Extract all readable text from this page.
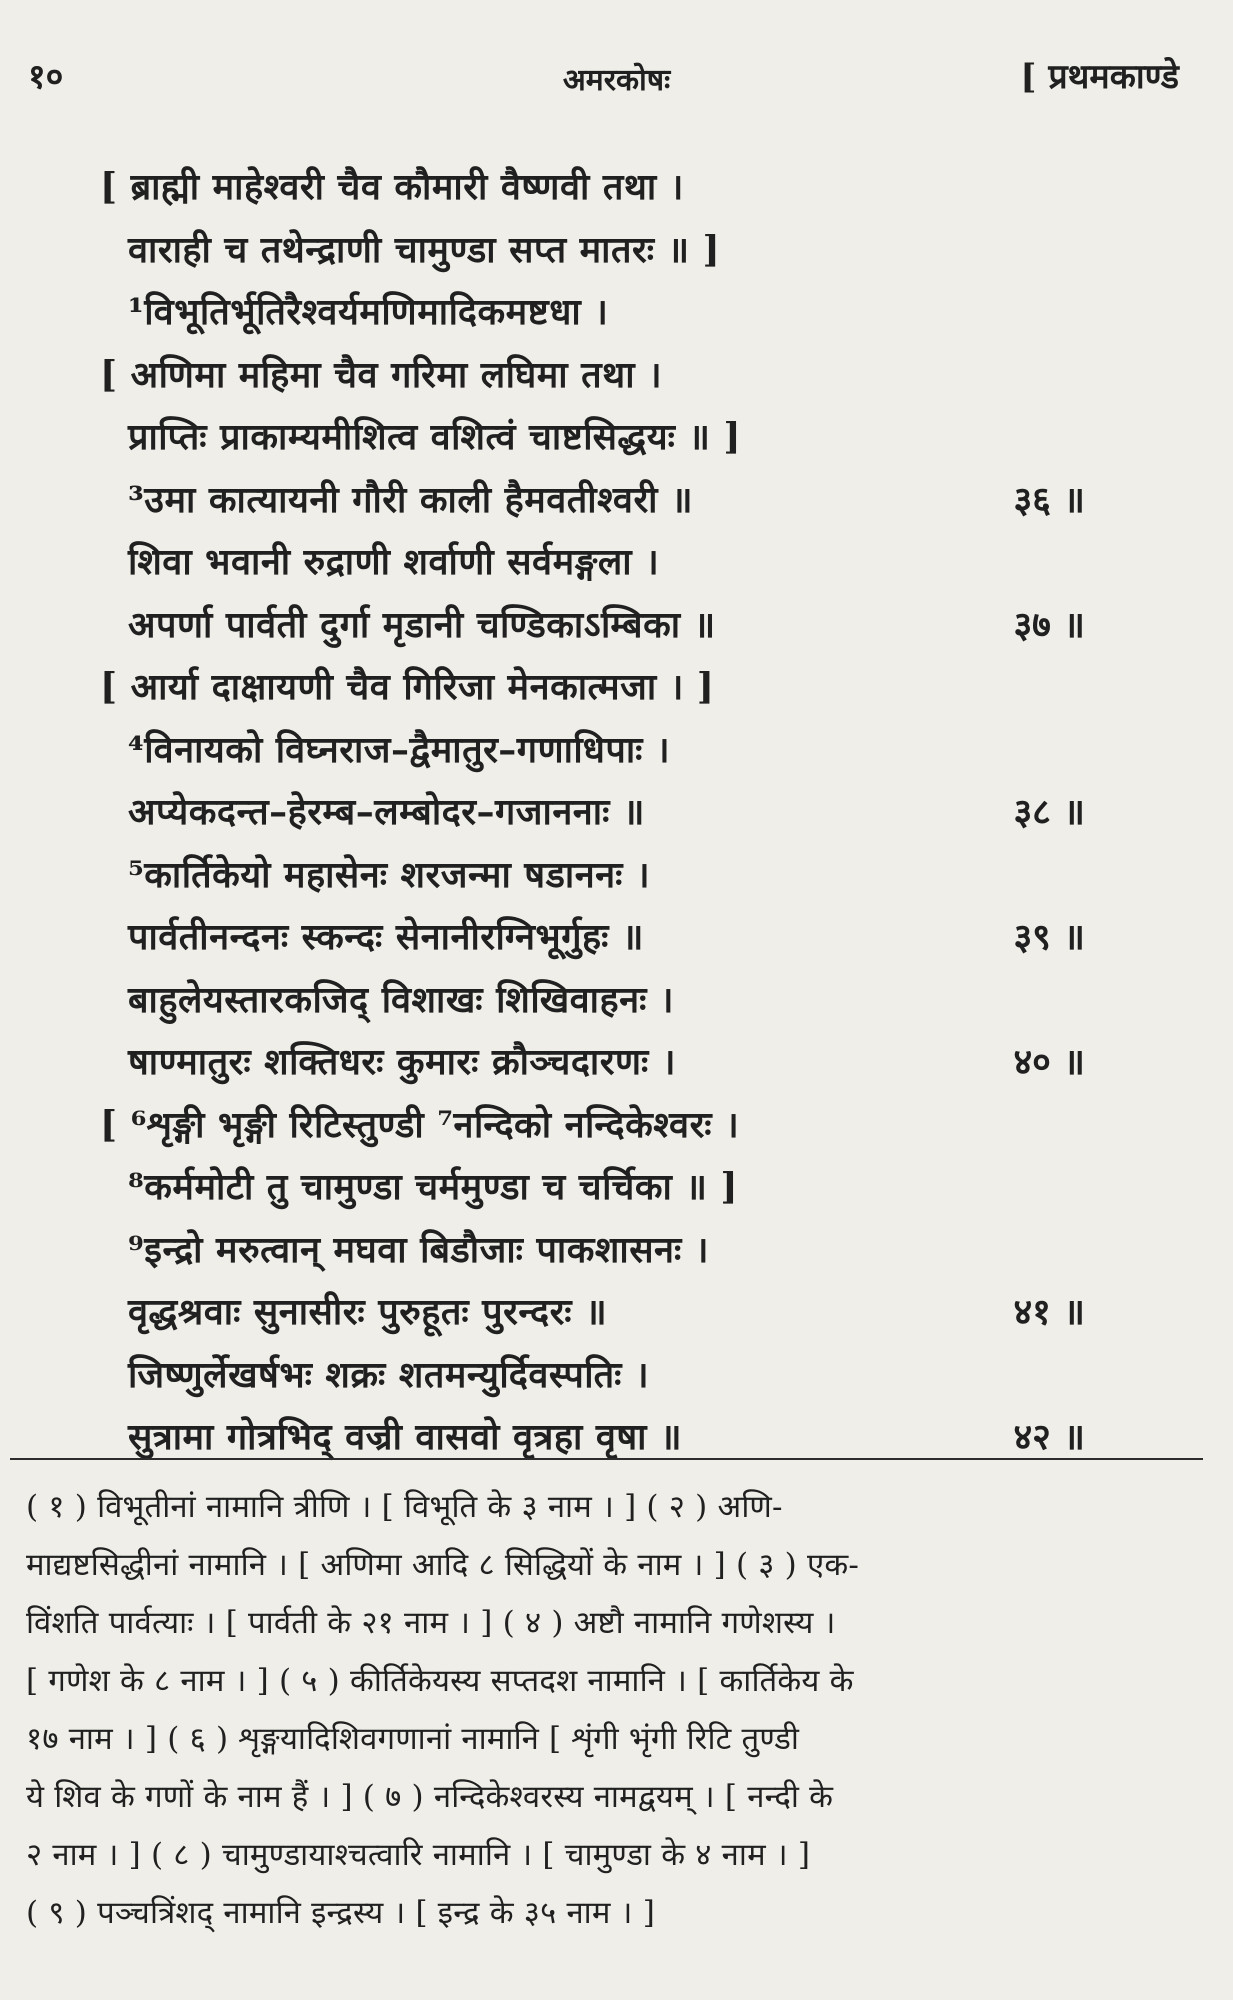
१०	अमरकोषः	[ प्रथमकाण्डे
[ ब्राह्मी माहेश्वरी चैव कौमारी वैष्णवी तथा ।
वाराही च तथेन्द्राणी चामुण्डा सप्त मातरः ॥ ]
¹विभूतिर्भूतिरैश्वर्यमणिमादिकमष्टधा ।
[ अणिमा महिमा चैव गरिमा लघिमा तथा ।
प्राप्तिः प्राकाम्यमीशित्व वशित्वं चाष्टसिद्धयः ॥ ]
³उमा कात्यायनी गौरी काली हैमवतीश्वरी ॥	३६ ॥
शिवा भवानी रुद्राणी शर्वाणी सर्वमङ्गला ।
अपर्णा पार्वती दुर्गा मृडानी चण्डिकाऽम्बिका ॥	३७ ॥
[ आर्या दाक्षायणी चैव गिरिजा मेनकात्मजा । ]
⁴विनायको विघ्नराज–द्वैमातुर–गणाधिपाः ।
अप्येकदन्त–हेरम्ब–लम्बोदर–गजाननाः ॥	३८ ॥
⁵कार्तिकेयो महासेनः शरजन्मा षडाननः ।
पार्वतीनन्दनः स्कन्दः सेनानीरग्निभूर्गुहः ॥	३९ ॥
बाहुलेयस्तारकजिद् विशाखः शिखिवाहनः ।
षाण्मातुरः शक्तिधरः कुमारः क्रौञ्चदारणः ।	४० ॥
[ ⁶शृङ्गी भृङ्गी रिटिस्तुण्डी ⁷नन्दिको नन्दिकेश्वरः ।
⁸कर्ममोटी तु चामुण्डा चर्ममुण्डा च चर्चिका ॥ ]
⁹इन्द्रो मरुत्वान् मघवा बिडौजाः पाकशासनः ।
वृद्धश्रवाः सुनासीरः पुरुहूतः पुरन्दरः ॥	४१ ॥
जिष्णुर्लेखर्षभः शक्रः शतमन्युर्दिवस्पतिः ।
सुत्रामा गोत्रभिद् वज्री वासवो वृत्रहा वृषा ॥	४२ ॥
( १ ) विभूतीनां नामानि त्रीणि । [ विभूति के ३ नाम । ] ( २ ) अणि-
माद्यष्टसिद्धीनां नामानि । [ अणिमा आदि ८ सिद्धियों के नाम । ] ( ३ ) एक-
विंशति पार्वत्याः । [ पार्वती के २१ नाम । ] ( ४ ) अष्टौ नामानि गणेशस्य ।
[ गणेश के ८ नाम । ] ( ५ ) कीर्तिकेयस्य सप्तदश नामानि । [ कार्तिकेय के
१७ नाम । ] ( ६ ) शृङ्गयादिशिवगणानां नामानि [ शृंगी भृंगी रिटि तुण्डी
ये शिव के गणों के नाम हैं । ] ( ७ ) नन्दिकेश्वरस्य नामद्वयम् । [ नन्दी के
२ नाम । ] ( ८ ) चामुण्डायाश्चत्वारि नामानि । [ चामुण्डा के ४ नाम । ]
( ९ ) पञ्चत्रिंशद् नामानि इन्द्रस्य । [ इन्द्र के ३५ नाम । ]
